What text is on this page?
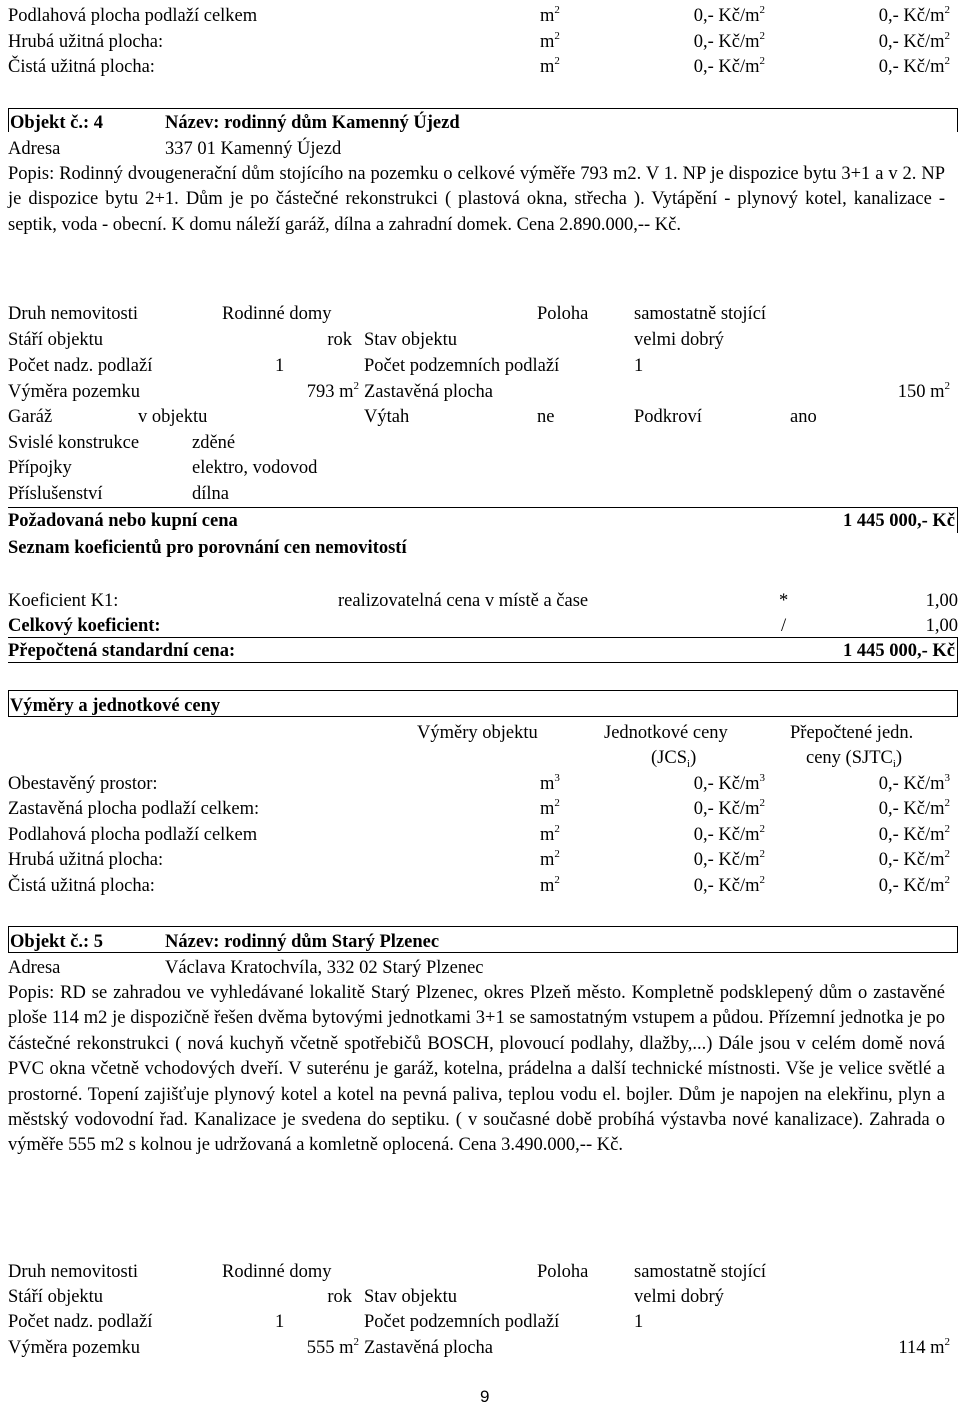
Podlahová plocha podlaží celkem	$m^2$	0,- $Kč/m^2$	0,- $Kč/m^2$
Hrubá užitná plocha:	$m^2$	0,- $Kč/m^2$	0,- $Kč/m^2$
Čistá užitná plocha:	$m^2$	0,- $Kč/m^2$	0,- $Kč/m^2$
Objekt č.: 4	Název: rodinný dům Kamenný Újezd
Adresa	337 01 Kamenný Újezd
Popis: Rodinný dvougenerační dům stojícího na pozemku o celkové výměře 793 m2. V 1. NP je dispozice bytu 3+1 a v 2. NP je dispozice bytu 2+1. Dům je po částečné rekonstrukci ( plastová okna, střecha ). Vytápění - plynový kotel, kanalizace - septik, voda - obecní. K domu náleží garáž, dílna a zahradní domek. Cena 2.890.000,-- Kč.
Druh nemovitosti	Rodinné domy	Poloha samostatně stojící
Stáří objektu	rok Stav objektu	velmi dobrý
Počet nadz. podlaží	1	Počet podzemních podlaží	1
Výměra pozemku	793 $m^2$ Zastavěná plocha	150 $m^2$
Garáž	v objektu	Výtah	ne	Podkroví	ano
Svislé konstrukce	zděné
Přípojky	elektro, vodovod
Příslušenství	dílna
Požadovaná nebo kupní cena	1 445 000,- Kč
Seznam koeficientů pro porovnání cen nemovitostí
Koeficient K1:	realizovatelná cena v místě a čase	*	1,00
Celkový koeficient:	/	1,00
Přepočtená standardní cena:	1 445 000,- Kč
Výměry a jednotkové ceny
Výměry objektu	Jednotkové ceny	Přepočtené jedn.
$(JCS_i)$	ceny $(SJTC_i)$
Obestavěný prostor:	$m^3$	0,- $Kč/m^3$	0,- $Kč/m^3$
Zastavěná plocha podlaží celkem:	$m^2$	0,- $Kč/m^2$	0,- $Kč/m^2$
Podlahová plocha podlaží celkem	$m^2$	0,- $Kč/m^2$	0,- $Kč/m^2$
Hrubá užitná plocha:	$m^2$	0,- $Kč/m^2$	0,- $Kč/m^2$
Čistá užitná plocha:	$m^2$	0,- $Kč/m^2$	0,- $Kč/m^2$
Objekt č.: 5	Název: rodinný dům Starý Plzenec
Adresa	Václava Kratochvíla, 332 02 Starý Plzenec
Popis: RD se zahradou ve vyhledávané lokalitě Starý Plzenec, okres Plzeň město. Kompletně podsklepený dům o zastavěné ploše 114 m2 je dispozičně řešen dvěma bytovými jednotkami 3+1 se samostatným vstupem a půdou. Přízemní jednotka je po částečné rekonstrukci ( nová kuchyň včetně spotřebičů BOSCH, plovoucí podlahy, dlažby,...) Dále jsou v celém domě nová PVC okna včetně vchodových dveří. V suterénu je garáž, kotelna, prádelna a další technické místnosti. Vše je velice světlé a prostorné. Topení zajišťuje plynový kotel a kotel na pevná paliva, teplou vodu el. bojler. Dům je napojen na elekřinu, plyn a městský vodovodní řad. Kanalizace je svedena do septiku. ( v současné době probíhá výstavba nové kanalizace). Zahrada o výměře 555 m2 s kolnou je udržovaná a komletně oplocená. Cena 3.490.000,-- Kč.
Druh nemovitosti	Rodinné domy	Poloha samostatně stojící
Stáří objektu	rok Stav objektu	velmi dobrý
Počet nadz. podlaží	1	Počet podzemních podlaží	1
Výměra pozemku	555 $m^2$ Zastavěná plocha	114 $m^2$
9
